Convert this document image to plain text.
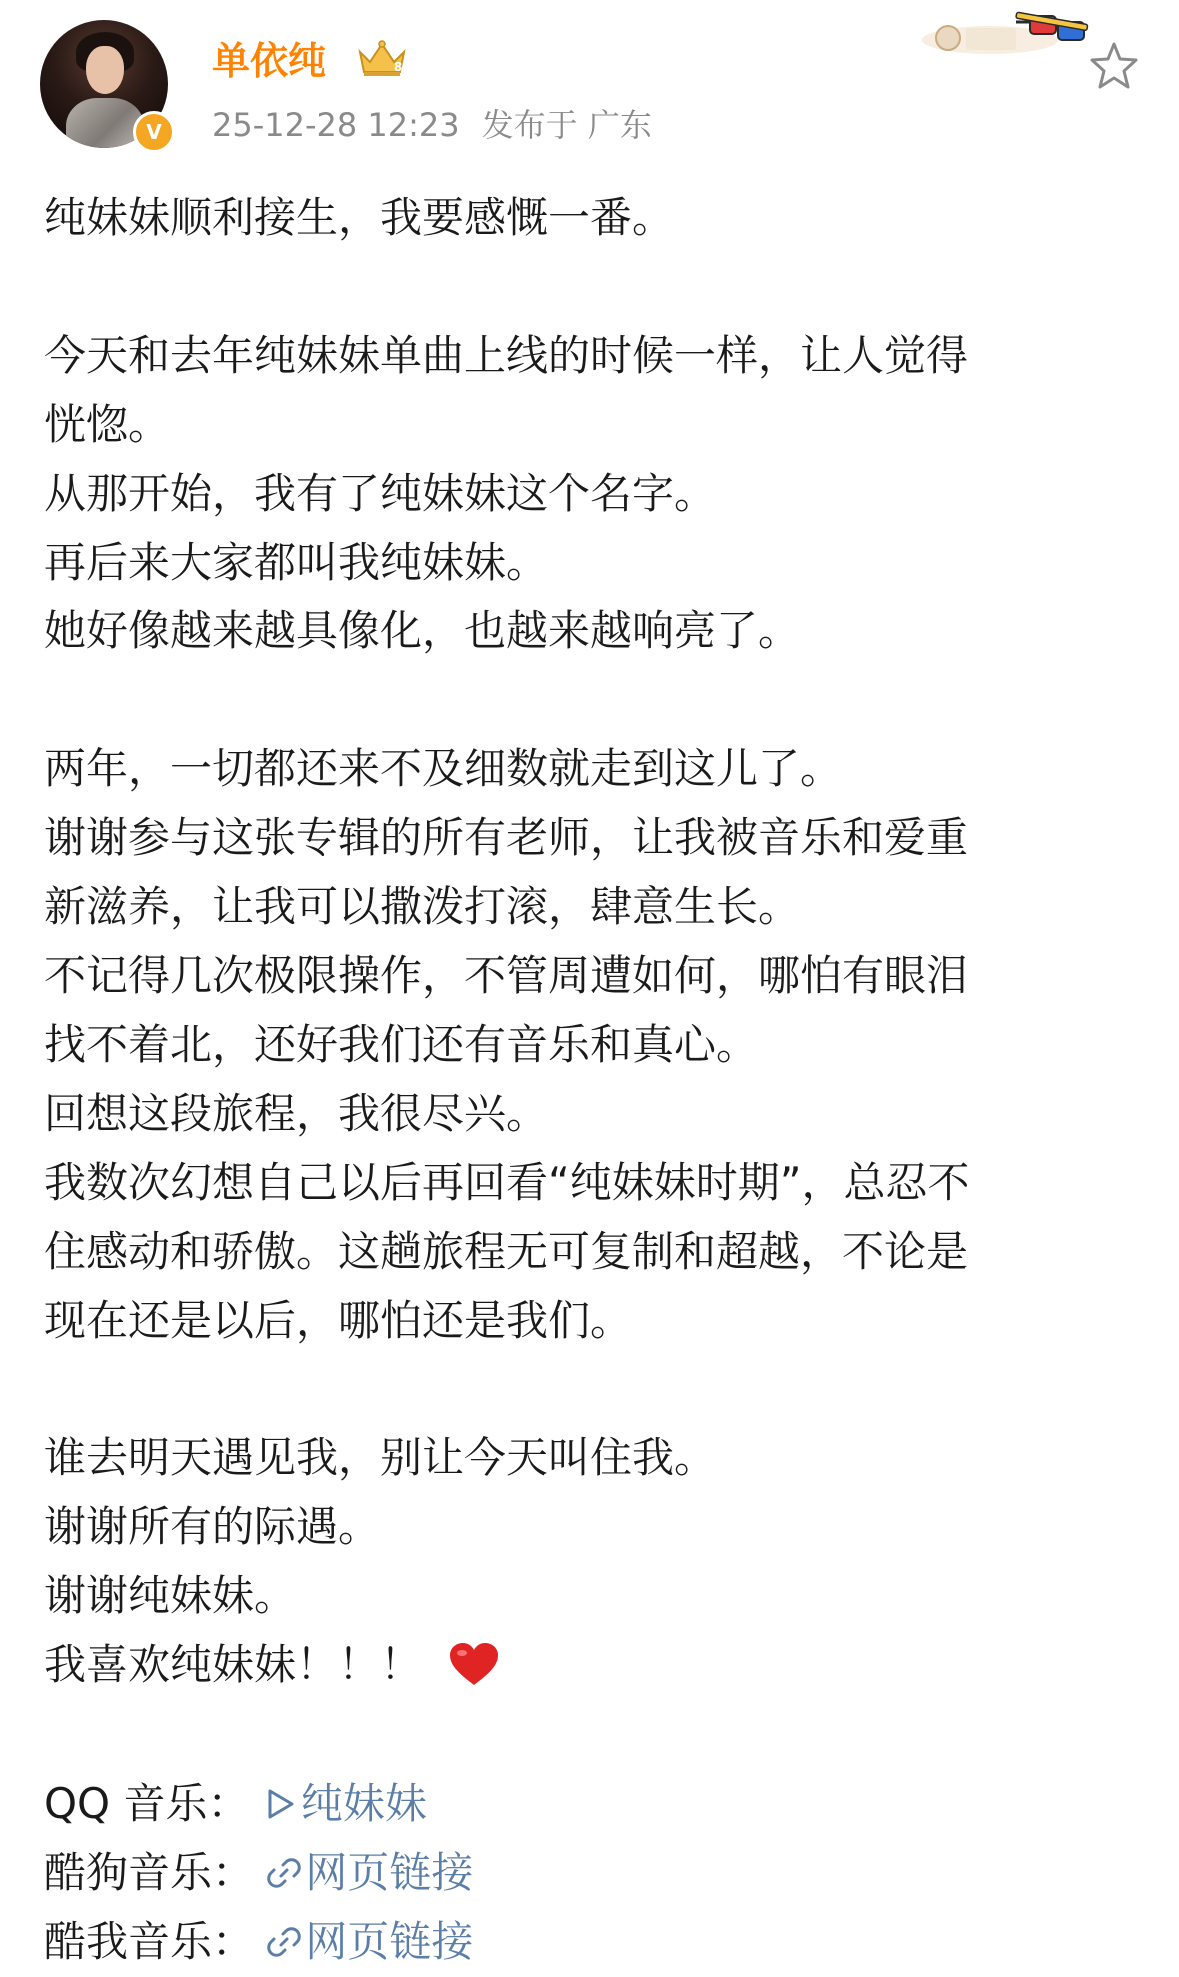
V
单依纯	8
25-12-28 12:23 发布于 广东
纯妹妹顺利接生，我要感慨一番。

今天和去年纯妹妹单曲上线的时候一样，让人觉得
恍惚。
从那开始，我有了纯妹妹这个名字。
再后来大家都叫我纯妹妹。
她好像越来越具像化，也越来越响亮了。

两年，一切都还来不及细数就走到这儿了。
谢谢参与这张专辑的所有老师，让我被音乐和爱重
新滋养，让我可以撒泼打滚，肆意生长。
不记得几次极限操作，不管周遭如何，哪怕有眼泪
找不着北，还好我们还有音乐和真心。
回想这段旅程，我很尽兴。
我数次幻想自己以后再回看“纯妹妹时期”，总忍不
住感动和骄傲。这趟旅程无可复制和超越，不论是
现在还是以后，哪怕还是我们。

谁去明天遇见我，别让今天叫住我。
谢谢所有的际遇。
谢谢纯妹妹。
我喜欢纯妹妹！！！
QQ 音乐： 纯妹妹
酷狗音乐： 网页链接
酷我音乐： 网页链接
